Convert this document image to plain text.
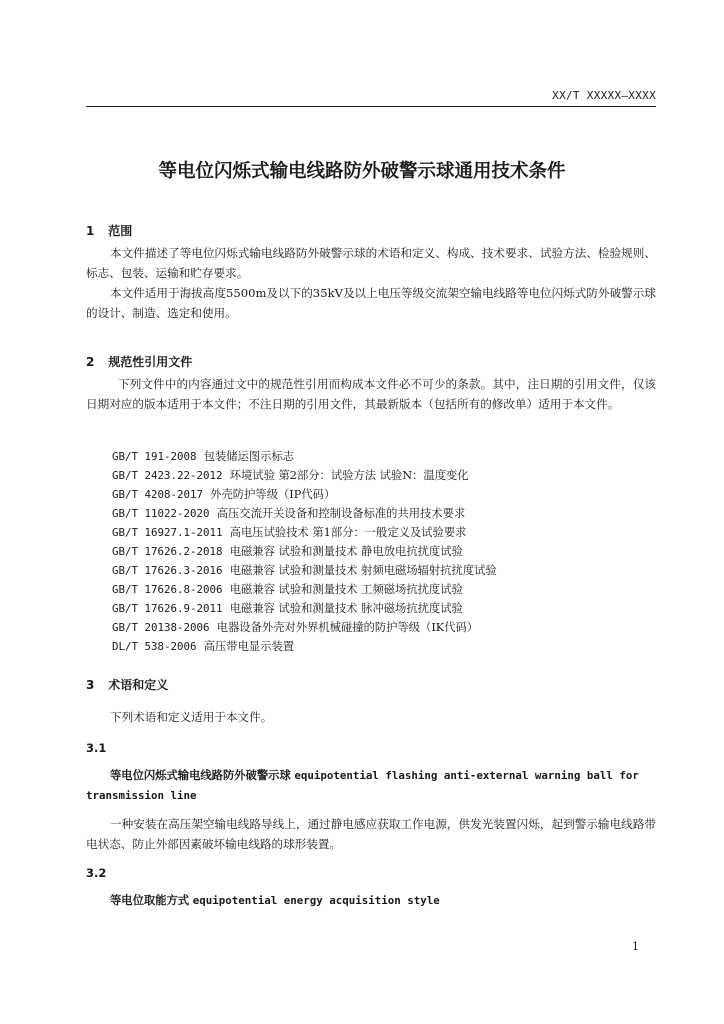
XX/T XXXXX—XXXX
等电位闪烁式输电线路防外破警示球通用技术条件
1 范围

本文件描述了等电位闪烁式输电线路防外破警示球的术语和定义、构成、技术要求、试验方法、检验规则、标志、包装、运输和贮存要求。

本文件适用于海拔高度5500m及以下的35kV及以上电压等级交流架空输电线路等电位闪烁式防外破警示球的设计、制造、选定和使用。

2 规范性引用文件

下列文件中的内容通过文中的规范性引用而构成本文件必不可少的条款。其中，注日期的引用文件，仅该日期对应的版本适用于本文件；不注日期的引用文件，其最新版本（包括所有的修改单）适用于本文件。

GB/T 191-2008 包装储运图示标志
GB/T 2423.22-2012 环境试验 第2部分：试验方法 试验N：温度变化
GB/T 4208-2017 外壳防护等级（IP代码）
GB/T 11022-2020 高压交流开关设备和控制设备标准的共用技术要求
GB/T 16927.1-2011 高电压试验技术 第1部分：一般定义及试验要求
GB/T 17626.2-2018 电磁兼容 试验和测量技术 静电放电抗扰度试验
GB/T 17626.3-2016 电磁兼容 试验和测量技术 射频电磁场辐射抗扰度试验
GB/T 17626.8-2006 电磁兼容 试验和测量技术 工频磁场抗扰度试验
GB/T 17626.9-2011 电磁兼容 试验和测量技术 脉冲磁场抗扰度试验
GB/T 20138-2006 电器设备外壳对外界机械碰撞的防护等级（IK代码）
DL/T 538-2006 高压带电显示装置
3 术语和定义

下列术语和定义适用于本文件。

3.1

等电位闪烁式输电线路防外破警示球 equipotential flashing anti-external warning ball for transmission line

一种安装在高压架空输电线路导线上，通过静电感应获取工作电源，供发光装置闪烁，起到警示输电线路带电状态、防止外部因素破坏输电线路的球形装置。

3.2

等电位取能方式 equipotential energy acquisition style

1
